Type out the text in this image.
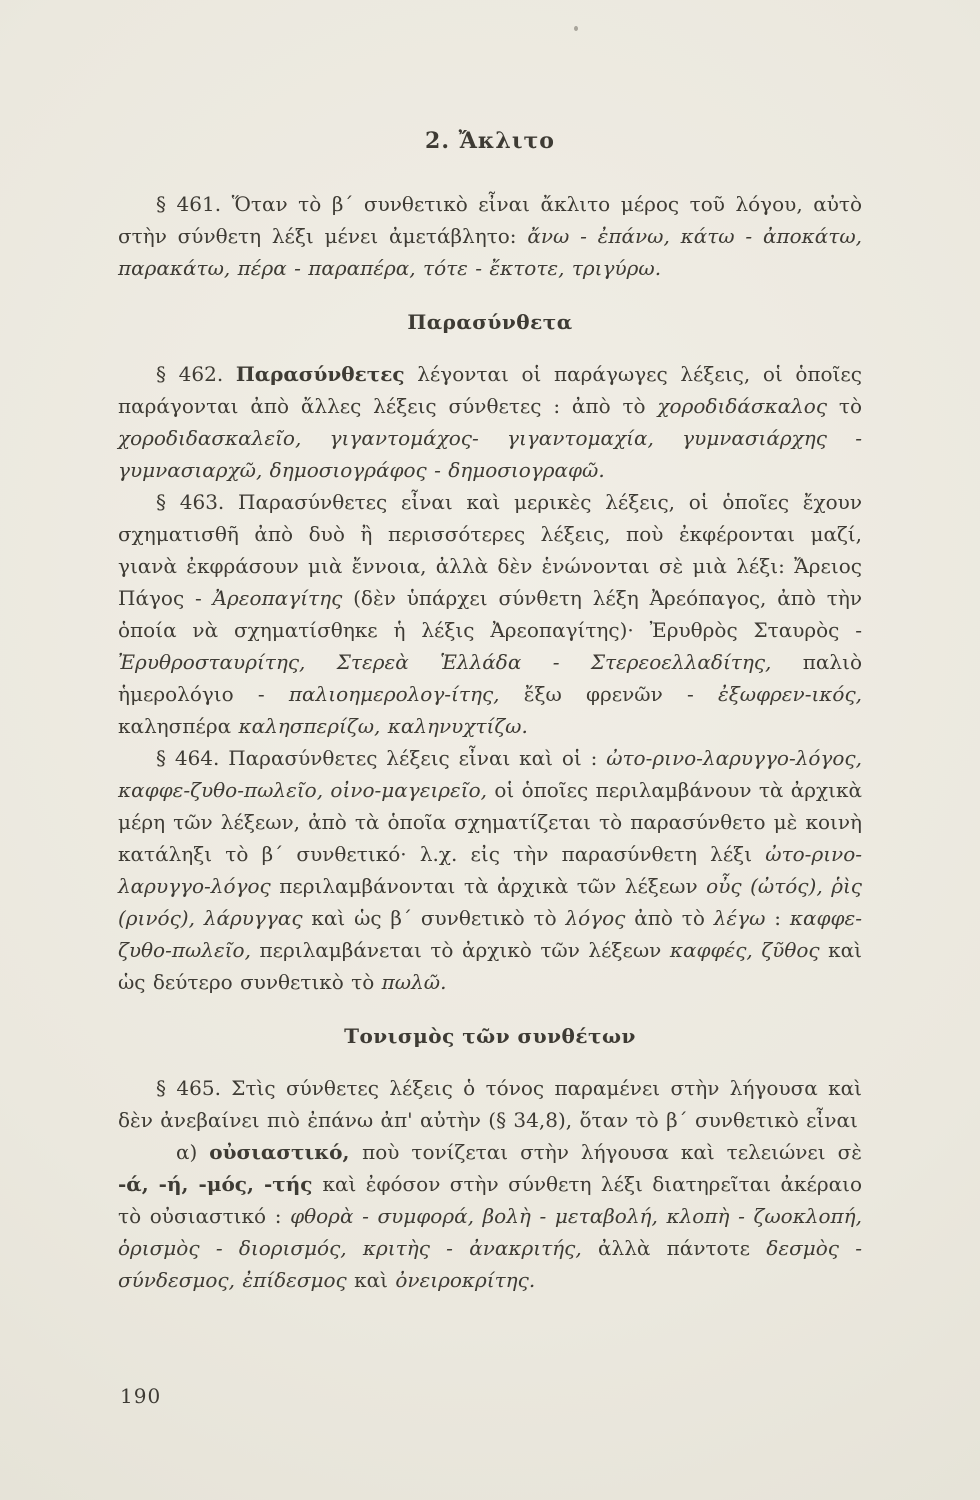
2. Ἄκλιτο

§ 461. Ὅταν τὸ β΄ συνθετικὸ εἶναι ἄκλιτο μέρος τοῦ λόγου, αὐτὸ στὴν σύνθετη λέξι μένει ἀμετάβλητο: ἄνω - ἐπάνω, κάτω - ἀποκάτω, παρακάτω, πέρα - παραπέρα, τότε - ἔκτοτε, τριγύρω.

Παρασύνθετα

§ 462. Παρασύνθετες λέγονται οἱ παράγωγες λέξεις, οἱ ὁποῖες παράγονται ἀπὸ ἄλλες λέξεις σύνθετες : ἀπὸ τὸ χοροδιδάσκαλος τὸ χοροδιδασκαλεῖο, γιγαντομάχος- γιγαντομαχία, γυμνασιάρχης - γυμνασιαρχῶ, δημοσιογράφος - δημοσιογραφῶ.

§ 463. Παρασύνθετες εἶναι καὶ μερικὲς λέξεις, οἱ ὁποῖες ἔχουν σχηματισθῆ ἀπὸ δυὸ ἢ περισσότερες λέξεις, ποὺ ἐκφέρονται μαζί, γιανὰ ἐκφράσουν μιὰ ἔννοια, ἀλλὰ δὲν ἑνώνονται σὲ μιὰ λέξι: Ἄρειος Πάγος - Ἀρεοπαγίτης (δὲν ὑπάρχει σύνθετη λέξη Ἀρεόπαγος, ἀπὸ τὴν ὁποία νὰ σχηματίσθηκε ἡ λέξις Ἀρεοπαγίτης)· Ἐρυθρὸς Σταυρὸς - Ἐρυθροσταυρίτης, Στερεὰ Ἑλλάδα - Στερεοελλαδίτης, παλιὸ ἡμερολόγιο - παλιοημερολογ-ίτης, ἔξω φρενῶν - ἐξωφρεν-ικός, καλησπέρα καλησπερίζω, καληνυχτίζω.

§ 464. Παρασύνθετες λέξεις εἶναι καὶ οἱ : ὠτο-ρινο-λαρυγγο-λόγος, καφφε-ζυθο-πωλεῖο, οἰνο-μαγειρεῖο, οἱ ὁποῖες περιλαμβάνουν τὰ ἀρχικὰ μέρη τῶν λέξεων, ἀπὸ τὰ ὁποῖα σχηματίζεται τὸ παρασύνθετο μὲ κοινὴ κατάληξι τὸ β΄ συνθετικό· λ.χ. εἰς τὴν παρασύνθετη λέξι ὠτο-ρινο-λαρυγγο-λόγος περιλαμβάνονται τὰ ἀρχικὰ τῶν λέξεων οὖς (ὠτός), ῥὶς (ρινός), λάρυγγας καὶ ὡς β΄ συνθετικὸ τὸ λόγος ἀπὸ τὸ λέγω : καφφε-ζυθο-πωλεῖο, περιλαμβάνεται τὸ ἀρχικὸ τῶν λέξεων καφφές, ζῦθος καὶ ὡς δεύτερο συνθετικὸ τὸ πωλῶ.

Τονισμὸς τῶν συνθέτων

§ 465. Στὶς σύνθετες λέξεις ὁ τόνος παραμένει στὴν λήγουσα καὶ δὲν ἀνεβαίνει πιὸ ἐπάνω ἀπ' αὐτὴν (§ 34,8), ὅταν τὸ β΄ συνθετικὸ εἶναι

α) οὐσιαστικό, ποὺ τονίζεται στὴν λήγουσα καὶ τελειώνει σὲ -ά, -ή, -μός, -τής καὶ ἐφόσον στὴν σύνθετη λέξι διατηρεῖται ἀκέραιο τὸ οὐσιαστικό : φθορὰ - συμφορά, βολὴ - μεταβολή, κλοπὴ - ζωοκλοπή, ὁρισμὸς - διορισμός, κριτὴς - ἀνακριτής, ἀλλὰ πάντοτε δεσμὸς - σύνδεσμος, ἐπίδεσμος καὶ ὀνειροκρίτης.

190
